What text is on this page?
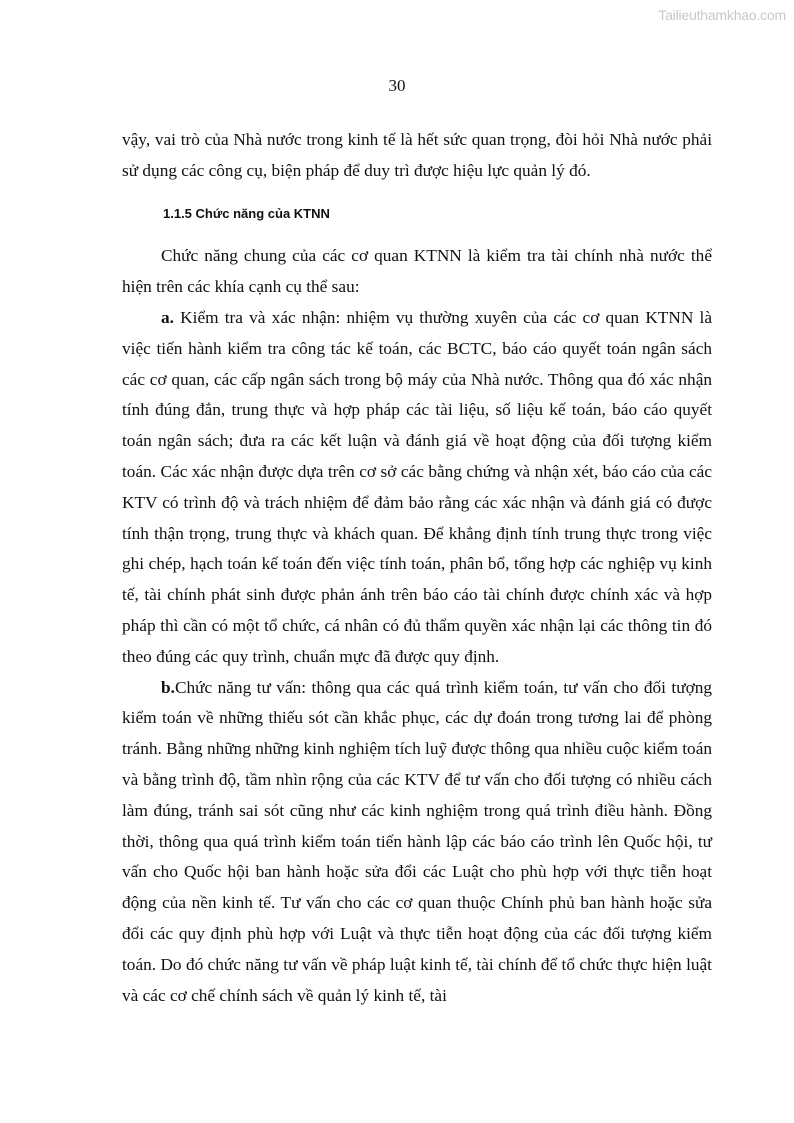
Tailieuthamkhao.com
30

vậy, vai trò của Nhà nước trong kinh tế là hết sức quan trọng, đòi hỏi Nhà nước phải sử dụng các công cụ, biện pháp để duy trì được hiệu lực quản lý đó.

1.1.5 Chức năng của KTNN

Chức năng chung của các cơ quan KTNN là kiểm tra tài chính nhà nước thể hiện trên các khía cạnh cụ thể sau:

a. Kiểm tra và xác nhận: nhiệm vụ thường xuyên của các cơ quan KTNN là việc tiến hành kiểm tra công tác kế toán, các BCTC, báo cáo quyết toán ngân sách các cơ quan, các cấp ngân sách trong bộ máy của Nhà nước. Thông qua đó xác nhận tính đúng đắn, trung thực và hợp pháp các tài liệu, số liệu kế toán, báo cáo quyết toán ngân sách; đưa ra các kết luận và đánh giá về hoạt động của đối tượng kiểm toán. Các xác nhận được dựa trên cơ sở các bằng chứng và nhận xét, báo cáo của các KTV có trình độ và trách nhiệm để đảm bảo rằng các xác nhận và đánh giá có được tính thận trọng, trung thực và khách quan. Để khẳng định tính trung thực trong việc ghi chép, hạch toán kế toán đến việc tính toán, phân bổ, tổng hợp các nghiệp vụ kinh tế, tài chính phát sinh được phản ánh trên báo cáo tài chính được chính xác và hợp pháp thì cần có một tổ chức, cá nhân có đủ thẩm quyền xác nhận lại các thông tin đó theo đúng các quy trình, chuẩn mực đã được quy định.

b.Chức năng tư vấn: thông qua các quá trình kiểm toán, tư vấn cho đối tượng kiểm toán về những thiếu sót cần khắc phục, các dự đoán trong tương lai để phòng tránh. Bằng những những kinh nghiệm tích luỹ được thông qua nhiều cuộc kiểm toán và bằng trình độ, tầm nhìn rộng của các KTV để tư vấn cho đối tượng có nhiều cách làm đúng, tránh sai sót cũng như các kinh nghiệm trong quá trình điều hành. Đồng thời, thông qua quá trình kiểm toán tiến hành lập các báo cáo trình lên Quốc hội, tư vấn cho Quốc hội ban hành hoặc sửa đổi các Luật cho phù hợp với thực tiễn hoạt động của nền kinh tế. Tư vấn cho các cơ quan thuộc Chính phủ ban hành hoặc sửa đổi các quy định phù hợp với Luật và thực tiễn hoạt động của các đối tượng kiểm toán. Do đó chức năng tư vấn về pháp luật kinh tế, tài chính để tổ chức thực hiện luật và các cơ chế chính sách về quản lý kinh tế, tài
